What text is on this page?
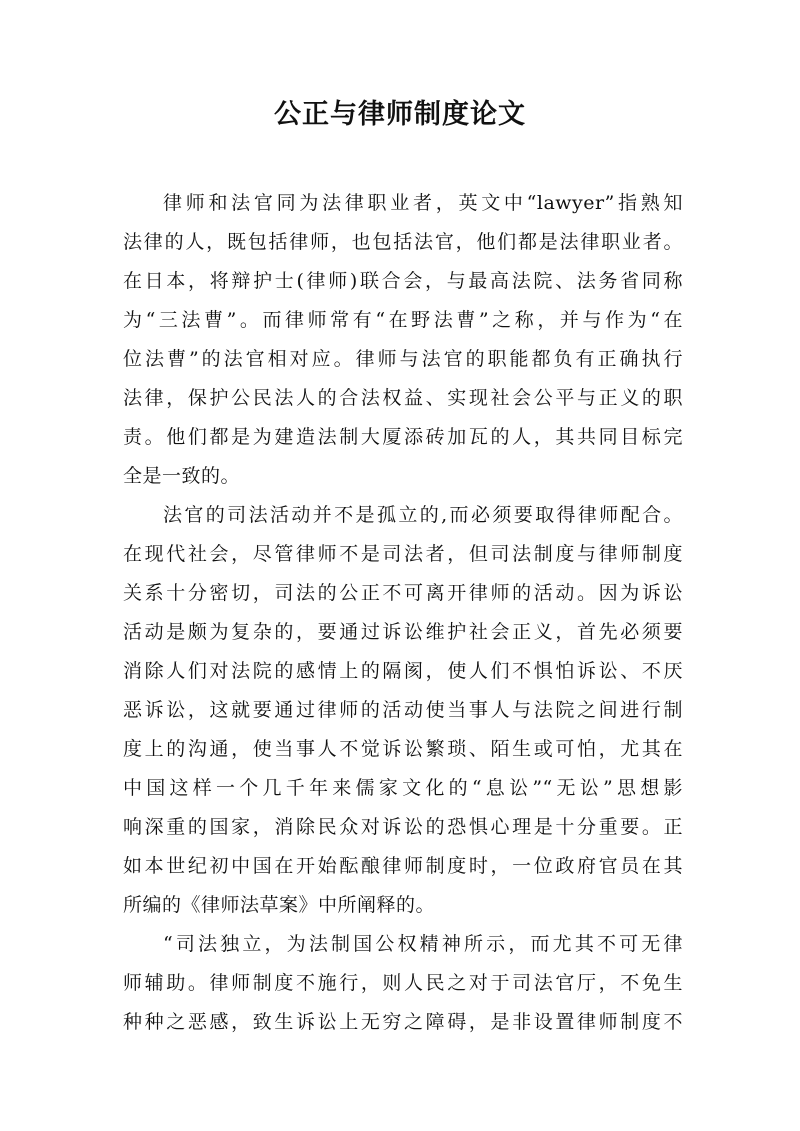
公正与律师制度论文
律师和法官同为法律职业者，英文中“lawyer”指熟知
法律的人，既包括律师，也包括法官，他们都是法律职业者。
在日本，将辩护士(律师)联合会，与最高法院、法务省同称
为“三法曹”。而律师常有“在野法曹”之称，并与作为“在
位法曹”的法官相对应。律师与法官的职能都负有正确执行
法律，保护公民法人的合法权益、实现社会公平与正义的职
责。他们都是为建造法制大厦添砖加瓦的人，其共同目标完
全是一致的。
法官的司法活动并不是孤立的,而必须要取得律师配合。
在现代社会，尽管律师不是司法者，但司法制度与律师制度
关系十分密切，司法的公正不可离开律师的活动。因为诉讼
活动是颇为复杂的，要通过诉讼维护社会正义，首先必须要
消除人们对法院的感情上的隔阂，使人们不惧怕诉讼、不厌
恶诉讼，这就要通过律师的活动使当事人与法院之间进行制
度上的沟通，使当事人不觉诉讼繁琐、陌生或可怕，尤其在
中国这样一个几千年来儒家文化的“息讼”“无讼”思想影
响深重的国家，消除民众对诉讼的恐惧心理是十分重要。正
如本世纪初中国在开始酝酿律师制度时，一位政府官员在其
所编的《律师法草案》中所阐释的。
“司法独立，为法制国公权精神所示，而尤其不可无律
师辅助。律师制度不施行，则人民之对于司法官厅，不免生
种种之恶感，致生诉讼上无穷之障碍，是非设置律师制度不
